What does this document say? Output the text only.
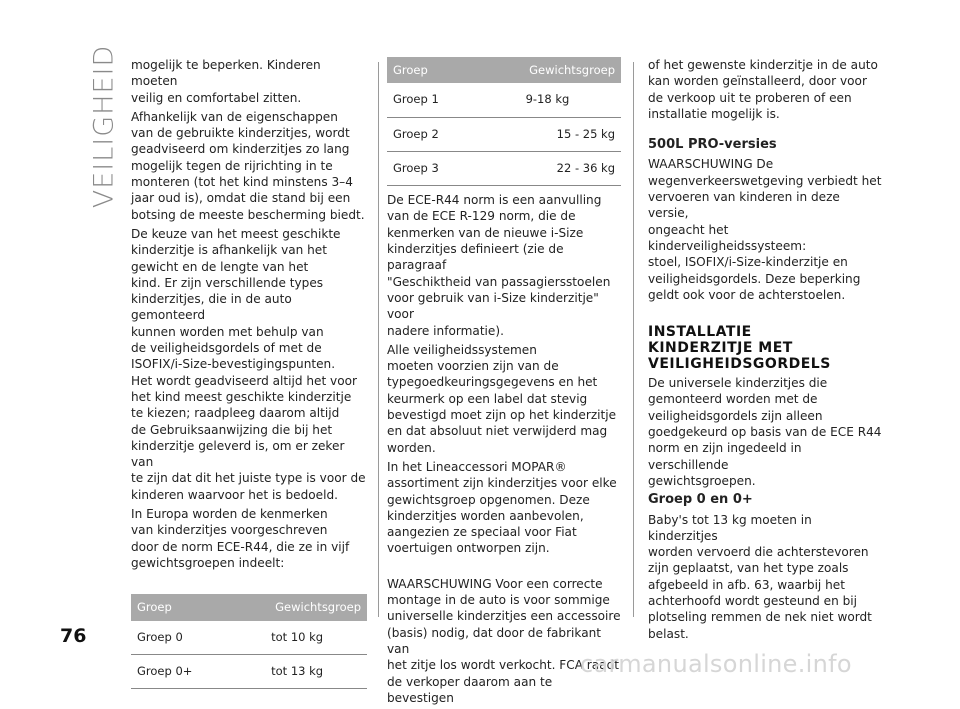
VEILIGHEID
76

mogelijk te beperken. Kinderen moeten
veilig en comfortabel zitten.

Afhankelijk van de eigenschappen
van de gebruikte kinderzitjes, wordt
geadviseerd om kinderzitjes zo lang
mogelijk tegen de rijrichting in te
monteren (tot het kind minstens 3–4
jaar oud is), omdat die stand bij een
botsing de meeste bescherming biedt.

De keuze van het meest geschikte
kinderzitje is afhankelijk van het
gewicht en de lengte van het
kind. Er zijn verschillende types
kinderzitjes, die in de auto gemonteerd
kunnen worden met behulp van
de veiligheidsgordels of met de
ISOFIX/i-Size-bevestigingspunten.
Het wordt geadviseerd altijd het voor
het kind meest geschikte kinderzitje
te kiezen; raadpleeg daarom altijd
de Gebruiksaanwijzing die bij het
kinderzitje geleverd is, om er zeker van
te zijn dat dit het juiste type is voor de
kinderen waarvoor het is bedoeld.

In Europa worden de kenmerken
van kinderzitjes voorgeschreven
door de norm ECE-R44, die ze in vijf
gewichtsgroepen indeelt:

Groep	Gewichtsgroep
Groep 0	tot 10 kg
Groep 0+	tot 13 kg
Groep	Gewichtsgroep
Groep 1	9-18 kg
Groep 2	15 - 25 kg
Groep 3	22 - 36 kg

De ECE-R44 norm is een aanvulling
van de ECE R-129 norm, die de
kenmerken van de nieuwe i-Size
kinderzitjes definieert (zie de paragraaf
"Geschiktheid van passagiersstoelen
voor gebruik van i-Size kinderzitje" voor
nadere informatie).

Alle veiligheidssystemen
moeten voorzien zijn van de
typegoedkeuringsgegevens en het
keurmerk op een label dat stevig
bevestigd moet zijn op het kinderzitje
en dat absoluut niet verwijderd mag
worden.

In het Lineaccessori MOPAR®
assortiment zijn kinderzitjes voor elke
gewichtsgroep opgenomen. Deze
kinderzitjes worden aanbevolen,
aangezien ze speciaal voor Fiat
voertuigen ontworpen zijn.

WAARSCHUWING Voor een correcte
montage in de auto is voor sommige
universelle kinderzitjes een accessoire
(basis) nodig, dat door de fabrikant van
het zitje los wordt verkocht. FCA raadt
de verkoper daarom aan te bevestigen

of het gewenste kinderzitje in de auto
kan worden geïnstalleerd, door voor
de verkoop uit te proberen of een
installatie mogelijk is.

500L PRO-versies

WAARSCHUWING De
wegenverkeerswetgeving verbiedt het
vervoeren van kinderen in deze versie,
ongeacht het kinderveiligheidssysteem:
stoel, ISOFIX/i-Size-kinderzitje en
veiligheidsgordels. Deze beperking
geldt ook voor de achterstoelen.

INSTALLATIE
KINDERZITJE MET
VEILIGHEIDSGORDELS

De universele kinderzitjes die
gemonteerd worden met de
veiligheidsgordels zijn alleen
goedgekeurd op basis van de ECE R44
norm en zijn ingedeeld in verschillende
gewichtsgroepen.

Groep 0 en 0+

Baby's tot 13 kg moeten in kinderzitjes
worden vervoerd die achterstevoren
zijn geplaatst, van het type zoals
afgebeeld in afb. 63, waarbij het
achterhoofd wordt gesteund en bij
plotseling remmen de nek niet wordt
belast.

carmanualsonline.info
